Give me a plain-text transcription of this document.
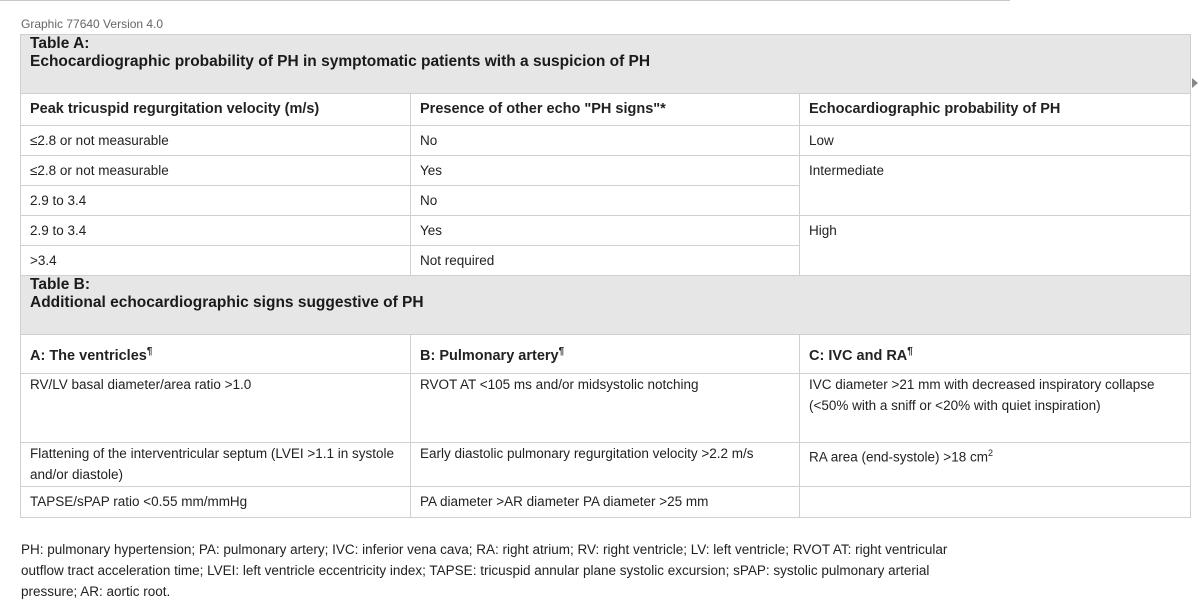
Graphic 77640 Version 4.0
Table A:
Echocardiographic probability of PH in symptomatic patients with a suspicion of PH		

Peak tricuspid regurgitation velocity (m/s)	Presence of other echo "PH signs"*	Echocardiographic probability of PH
≤2.8 or not measurable	No	Low
≤2.8 or not measurable	Yes	Intermediate
2.9 to 3.4	No	
2.9 to 3.4	Yes	High
>3.4	Not required	

Table B:
Additional echocardiographic signs suggestive of PH		

A: The ventricles¶	B: Pulmonary artery¶	C: IVC and RA¶
RV/LV basal diameter/area ratio >1.0	RVOT AT <105 ms and/or midsystolic notching	IVC diameter >21 mm with decreased inspiratory collapse (<50% with a sniff or <20% with quiet inspiration)
Flattening of the interventricular septum (LVEI >1.1 in systole and/or diastole)	Early diastolic pulmonary regurgitation velocity >2.2 m/s	RA area (end-systole) >18 $cm^2$
TAPSE/sPAP ratio <0.55 mm/mmHg	PA diameter >AR diameter PA diameter >25 mm	
PH: pulmonary hypertension; PA: pulmonary artery; IVC: inferior vena cava; RA: right atrium; RV: right ventricle; LV: left ventricle; RVOT AT: right ventricular outflow tract acceleration time; LVEI: left ventricle eccentricity index; TAPSE: tricuspid annular plane systolic excursion; sPAP: systolic pulmonary arterial pressure; AR: aortic root.
